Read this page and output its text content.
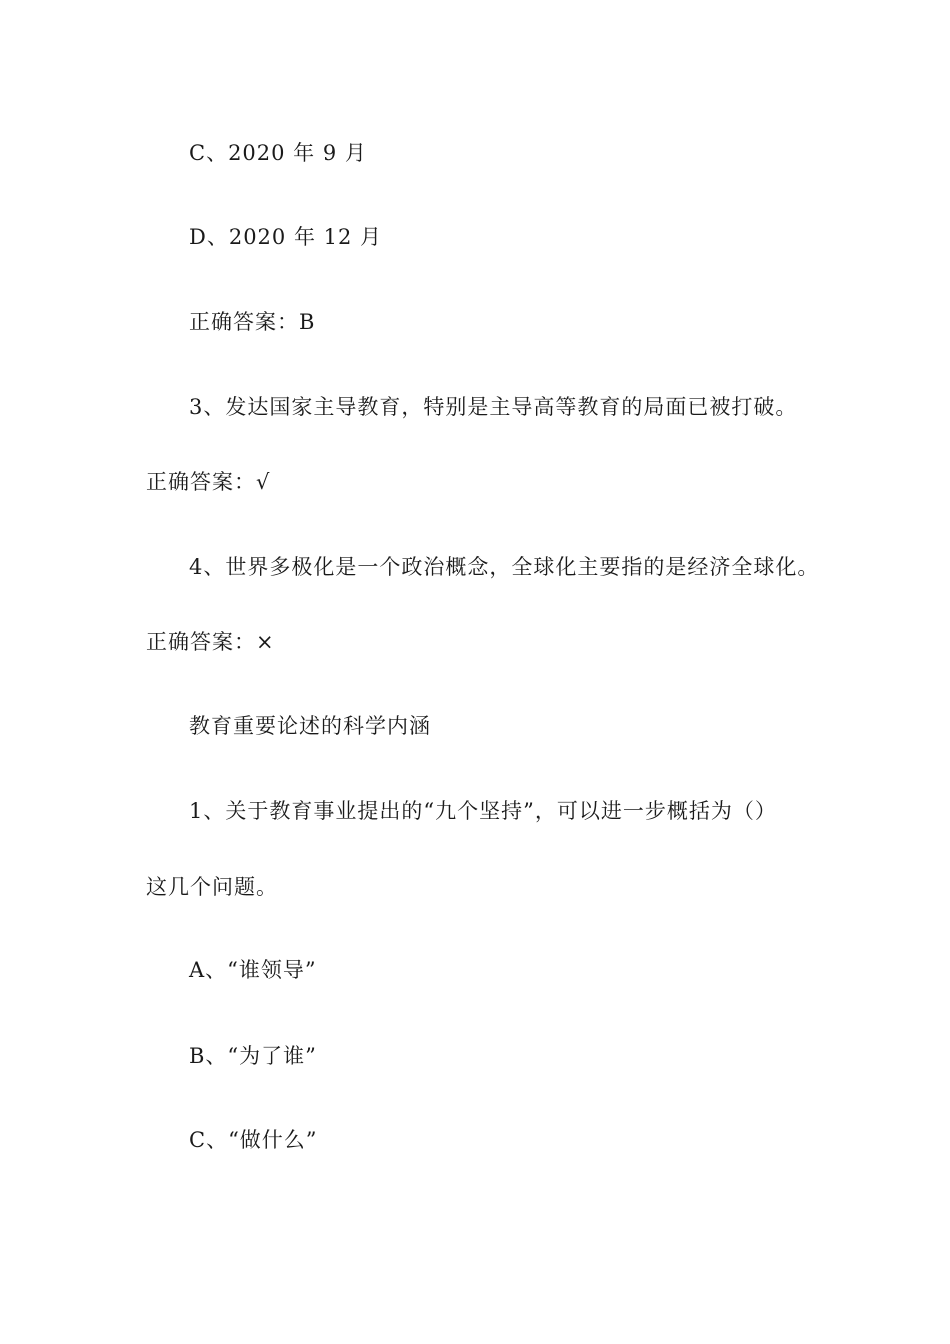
C、2020 年 9 月
D、2020 年 12 月
正确答案：B
3、发达国家主导教育，特别是主导高等教育的局面已被打破。
正确答案：√
4、世界多极化是一个政治概念，全球化主要指的是经济全球化。
正确答案：×
教育重要论述的科学内涵
1、关于教育事业提出的“九个坚持”，可以进一步概括为（）
这几个问题。
A、“谁领导”
B、“为了谁”
C、“做什么”
